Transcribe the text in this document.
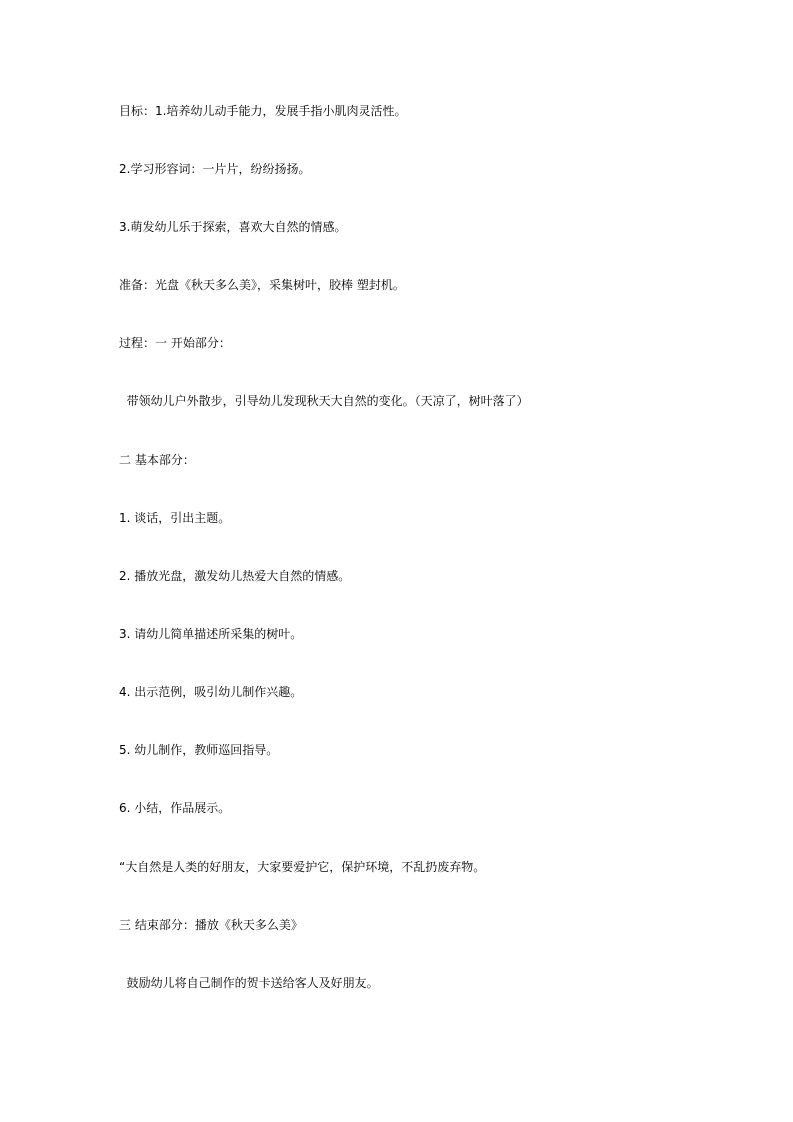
目标：1.培养幼儿动手能力，发展手指小肌肉灵活性。
2.学习形容词：一片片，纷纷扬扬。
3.萌发幼儿乐于探索，喜欢大自然的情感。
准备：光盘《秋天多么美》，采集树叶，胶棒 塑封机。
过程：一 开始部分：
带领幼儿户外散步，引导幼儿发现秋天大自然的变化。（天凉了，树叶落了）
二 基本部分：
1. 谈话，引出主题。
2. 播放光盘，激发幼儿热爱大自然的情感。
3. 请幼儿简单描述所采集的树叶。
4. 出示范例，吸引幼儿制作兴趣。
5. 幼儿制作，教师巡回指导。
6. 小结，作品展示。
“大自然是人类的好朋友，大家要爱护它，保护环境，不乱扔废弃物。
三 结束部分：播放《秋天多么美》
鼓励幼儿将自己制作的贺卡送给客人及好朋友。
